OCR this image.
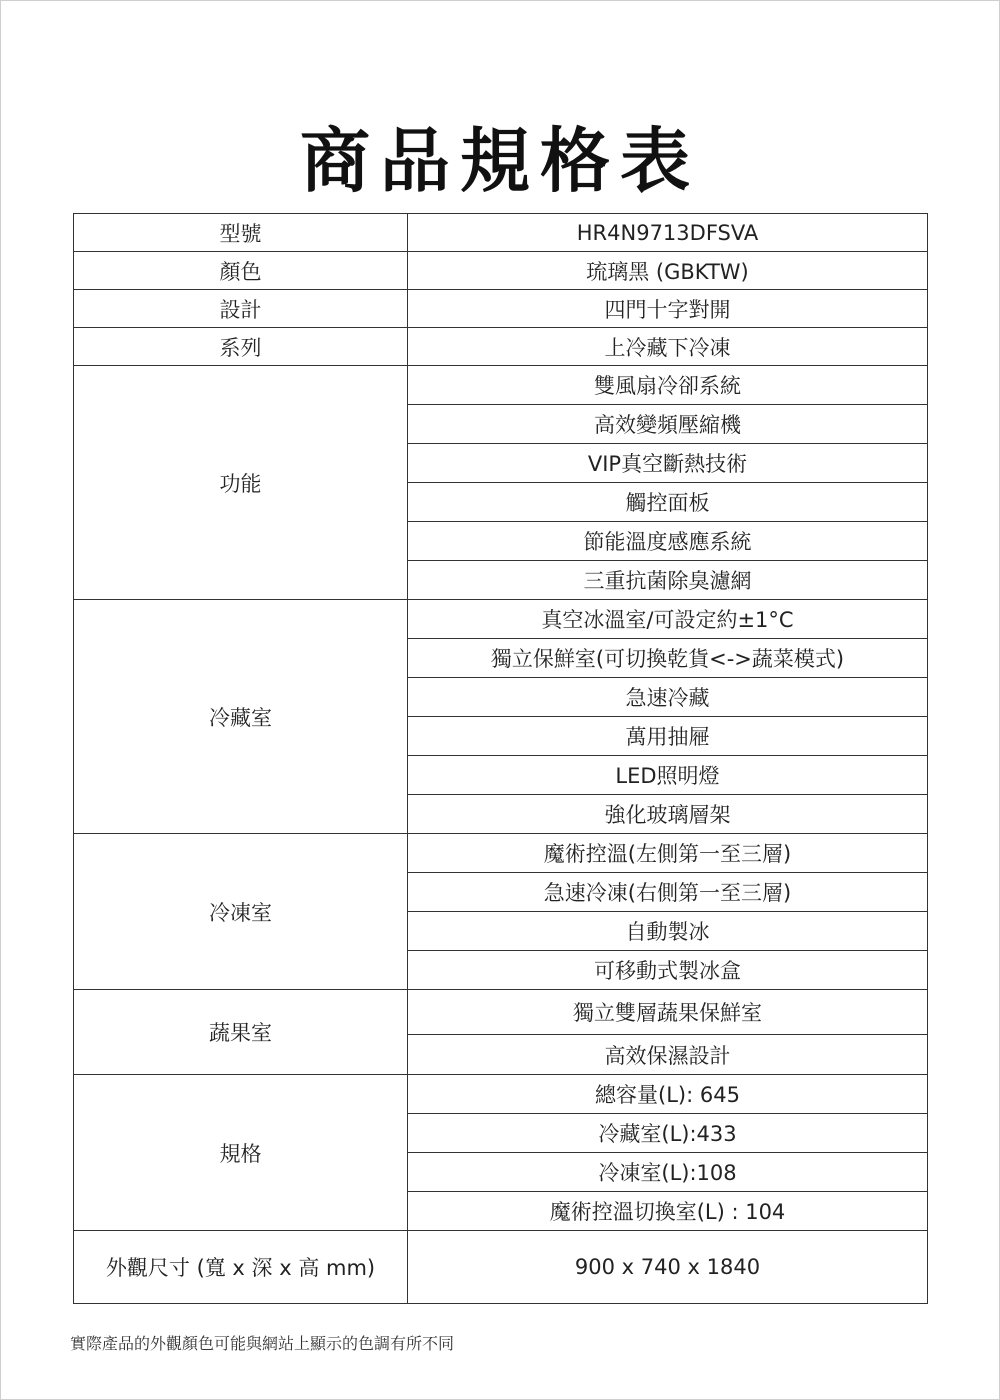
商品規格表
型號	HR4N9713DFSVA
顏色	琉璃黑 (GBKTW)
設計	四門十字對開
系列	上冷藏下冷凍
功能	雙風扇冷卻系統
	高效變頻壓縮機
	VIP真空斷熱技術
	觸控面板
	節能溫度感應系統
	三重抗菌除臭濾網
冷藏室	真空冰溫室/可設定約±1°C
	獨立保鮮室(可切換乾貨<->蔬菜模式)
	急速冷藏
	萬用抽屜
	LED照明燈
	強化玻璃層架
冷凍室	魔術控溫(左側第一至三層)
	急速冷凍(右側第一至三層)
	自動製冰
	可移動式製冰盒
蔬果室	獨立雙層蔬果保鮮室
	高效保濕設計
規格	總容量(L): 645
	冷藏室(L):433
	冷凍室(L):108
	魔術控溫切換室(L) : 104
外觀尺寸 (寬 x 深 x 高 mm)	900 x 740 x 1840
實際產品的外觀顏色可能與網站上顯示的色調有所不同
